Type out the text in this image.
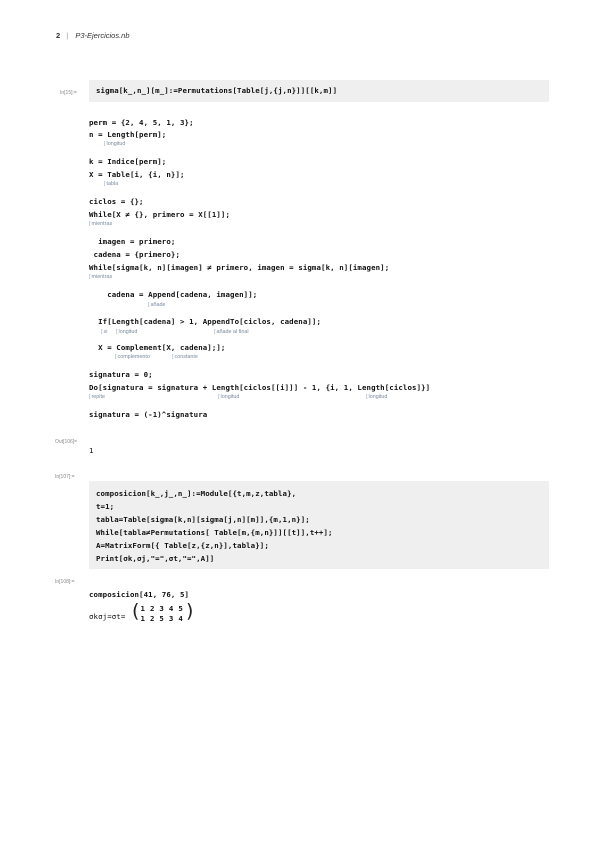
2 | P3-Ejercicios.nb
In[15]:=	sigma[k_,n_][m_]:=Permutations[Table[j,{j,n}]][[k,m]]
perm = {2, 4, 5, 1, 3};
n = Length[perm];
[ longitud
k = Indice[perm];
X = Table[i, {i, n}];
[ tabla
ciclos = {};
While[X ≠ {}, primero = X[[1]];
[ mientras
imagen = primero;
cadena = {primero};
While[sigma[k, n][imagen] ≠ primero, imagen = sigma[k, n][imagen];
[ mientras
cadena = Append[cadena, imagen]];
[ añade
If[Length[cadena] > 1, AppendTo[ciclos, cadena]];
[ si	[ longitud	[ añade al final
X = Complement[X, cadena];];
[ complemento	[ constante
signatura = 0;
Do[signatura = signatura + Length[ciclos[[i]]] - 1, {i, 1, Length[ciclos]}]
[ repite	[ longitud	[ longitud
signatura = (-1)^signatura
Out[106]=
1
In[107]:=
composicion[k_,j_,n_]:=Module[{t,m,z,tabla},
t=1;
tabla=Table[sigma[k,n][sigma[j,n][m]],{m,1,n}];
While[tabla≠Permutations[ Table[m,{m,n}]][[t]],t++];
A=MatrixForm[{ Table[z,{z,n}],tabla}];
Print[σk,σj,"=",σt,"=",A]]
In[108]:=
composicion[41, 76, 5]
σkσj=σt= ( 1	2	3	4	5
1	2	5	3	4 )
